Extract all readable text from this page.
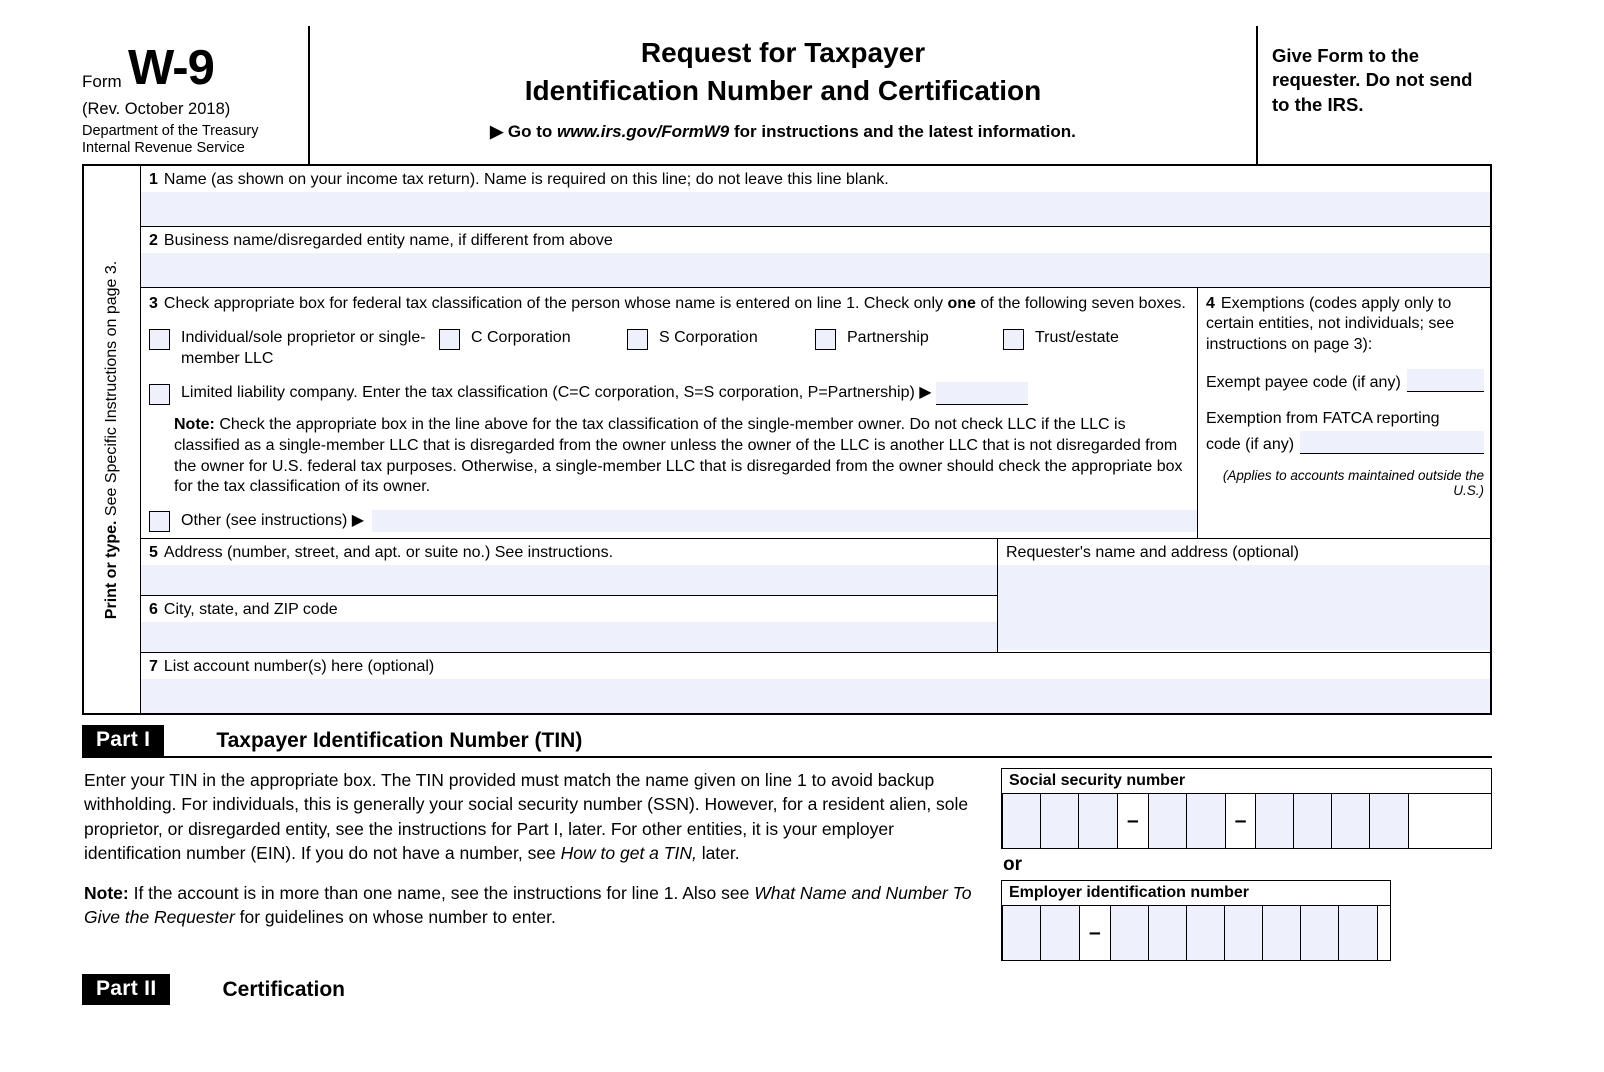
Form W-9
(Rev. October 2018)
Department of the Treasury
Internal Revenue Service
Request for Taxpayer
Identification Number and Certification
▶ Go to www.irs.gov/FormW9 for instructions and the latest information.
Give Form to the requester. Do not send to the IRS.
Print or type. See Specific Instructions on page 3.
1 Name (as shown on your income tax return). Name is required on this line; do not leave this line blank.
2 Business name/disregarded entity name, if different from above
3 Check appropriate box for federal tax classification of the person whose name is entered on line 1. Check only one of the following seven boxes.
Individual/sole proprietor or single-member LLC
C Corporation	S Corporation	Partnership	Trust/estate
Limited liability company. Enter the tax classification (C=C corporation, S=S corporation, P=Partnership) ▶
Note: Check the appropriate box in the line above for the tax classification of the single-member owner. Do not check LLC if the LLC is classified as a single-member LLC that is disregarded from the owner unless the owner of the LLC is another LLC that is not disregarded from the owner for U.S. federal tax purposes. Otherwise, a single-member LLC that is disregarded from the owner should check the appropriate box for the tax classification of its owner.
Other (see instructions) ▶
4 Exemptions (codes apply only to certain entities, not individuals; see instructions on page 3):
Exempt payee code (if any)
Exemption from FATCA reporting
code (if any)
(Applies to accounts maintained outside the U.S.)
5 Address (number, street, and apt. or suite no.) See instructions.
6 City, state, and ZIP code
Requester's name and address (optional)
7 List account number(s) here (optional)
Part I	Taxpayer Identification Number (TIN)
Enter your TIN in the appropriate box. The TIN provided must match the name given on line 1 to avoid backup withholding. For individuals, this is generally your social security number (SSN). However, for a resident alien, sole proprietor, or disregarded entity, see the instructions for Part I, later. For other entities, it is your employer identification number (EIN). If you do not have a number, see How to get a TIN, later.
Note: If the account is in more than one name, see the instructions for line 1. Also see What Name and Number To Give the Requester for guidelines on whose number to enter.
Social security number
–	–
or
Employer identification number
–
Part II	Certification
